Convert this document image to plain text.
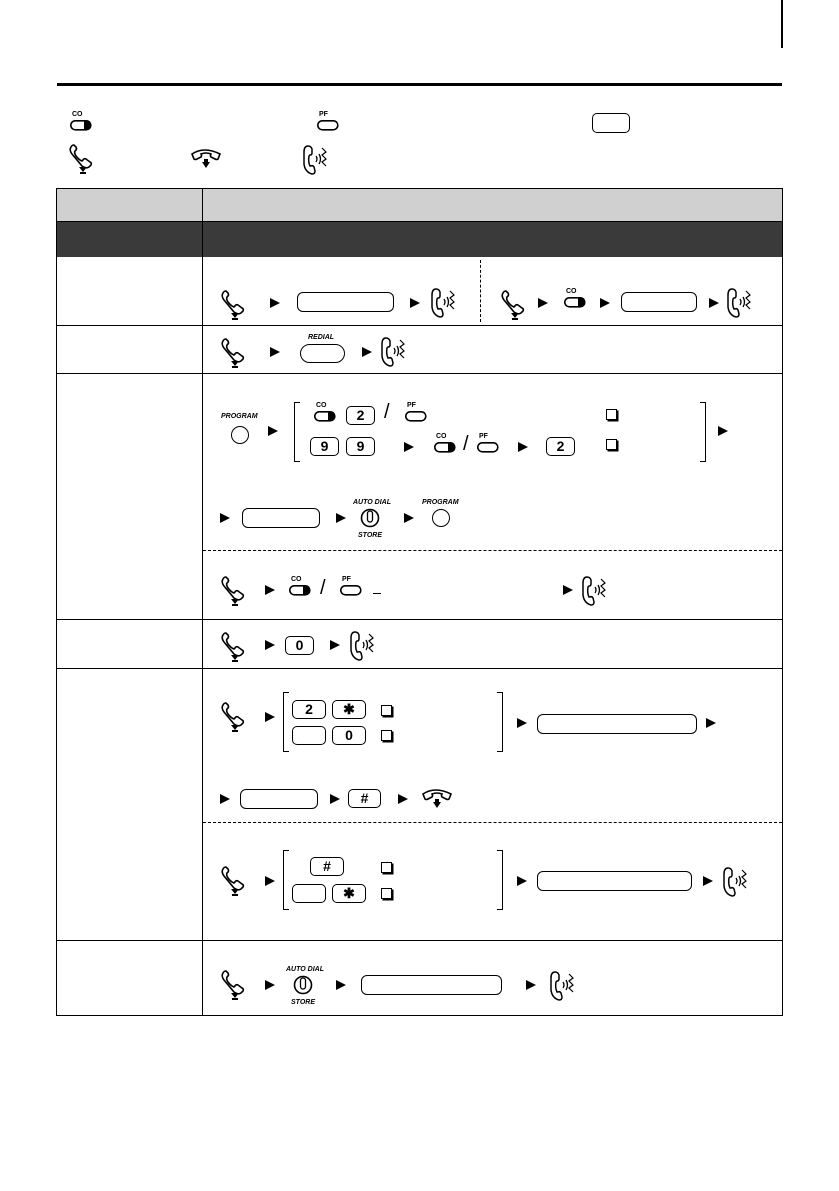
CO	PF
CO
REDIAL
PROGRAM
CO
2 / PF
9	9
CO / PF
2
AUTO DIAL
STORE
PROGRAM
CO / PF
0
2	✱
0
#
#
✱
AUTO DIAL
STORE
